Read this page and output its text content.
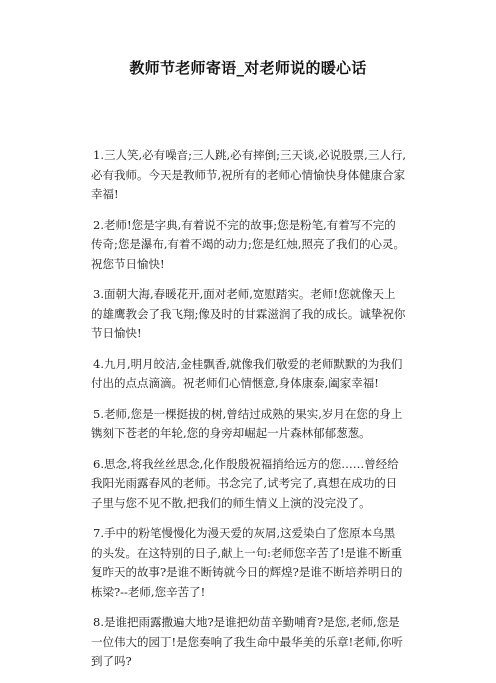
教师节老师寄语_对老师说的暖心话

1.三人笑,必有噪音;三人跳,必有摔倒;三天谈,必说股票,三人行,必有我师。今天是教师节,祝所有的老师心情愉快身体健康合家幸福!

2.老师!您是字典,有着说不完的故事;您是粉笔,有着写不完的传奇;您是瀑布,有着不竭的动力;您是红烛,照亮了我们的心灵。祝您节日愉快!

3.面朝大海,春暖花开,面对老师,宽慰踏实。老师!您就像天上的雄鹰教会了我飞翔;像及时的甘霖滋润了我的成长。诚挚祝你节日愉快!

4.九月,明月皎洁,金桂飘香,就像我们敬爱的老师默默的为我们付出的点点滴滴。祝老师们心情惬意,身体康泰,阖家幸福!

5.老师,您是一棵挺拔的树,曾结过成熟的果实,岁月在您的身上镌刻下苍老的年轮,您的身旁却崛起一片森林郁郁葱葱。

6.思念,将我丝丝思念,化作殷殷祝福捎给远方的您……曾经给我阳光雨露春风的老师。书念完了,试考完了,真想在成功的日子里与您不见不散,把我们的师生情义上演的没完没了。

7.手中的粉笔慢慢化为漫天爱的灰屑,这爱染白了您原本乌黑的头发。在这特别的日子,献上一句:老师您辛苦了!是谁不断重复昨天的故事?是谁不断铸就今日的辉煌?是谁不断培养明日的栋梁?--老师,您辛苦了!

8.是谁把雨露撒遍大地?是谁把幼苗辛勤哺育?是您,老师,您是一位伟大的园丁!是您奏响了我生命中最华美的乐章!老师,你听到了吗?
